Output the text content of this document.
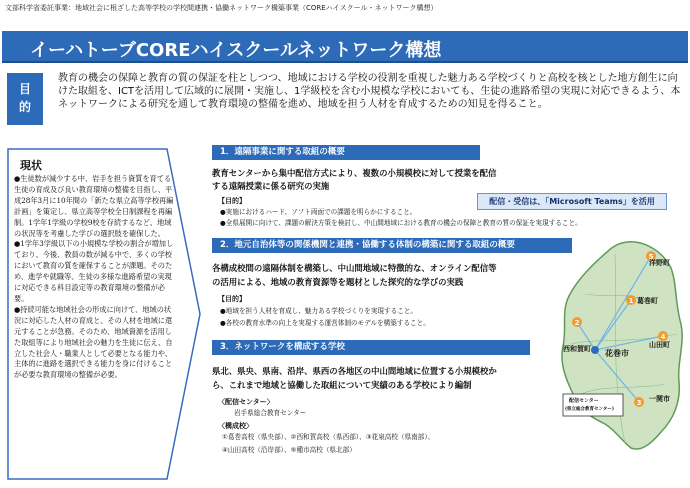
文部科学省委託事業：地域社会に根ざした高等学校の学校間連携・協働ネットワーク構築事業（COREハイスクール・ネットワーク構想）
イーハトーブCOREハイスクールネットワーク構想
目
的
教育の機会の保障と教育の質の保証を柱としつつ、地域における学校の役割を重視した魅力ある学校づくりと高校を核とした地方創生に向けた取組を、ICTを活用して広域的に展開・実施し、1学級校を含む小規模な学校においても、生徒の進路希望の実現に対応できるよう、本ネットワークによる研究を通して教育環境の整備を進め、地域を担う人材を育成するための知見を得ること。
現状

●生徒数が減少する中、岩手を担う資質を育てる生徒の育成及び良い教育環境の整備を目指し、平成28年3月に10年間の「新たな県立高等学校再編計画」を策定し、県立高等学校全日制課程を再編制。1学年1学級の学校9校を存続するなど、地域の状況等を考慮した学びの選択肢を確保した。

●1学年3学級以下の小規模な学校の割合が増加しており、今後、教員の数が減る中で、多くの学校において教育の質を確保することが課題。そのため、進学や就職等、生徒の多様な進路希望の実現に対応できる科目設定等の教育環境の整備が必要。

●持続可能な地域社会の形成に向けて、地域の状況に対応した人材の育成と、その人材を地域に還元することが急務。そのため、地域資源を活用した取組等により地域社会の魅力を生徒に伝え、自立した社会人・職業人として必要となる能力や、主体的に進路を選択できる能力を身に付けることが必要な教育環境の整備が必要。

1．遠隔事業に関する取組の概要
教育センターから集中配信方式により、複数の小規模校に対して授業を配信
する遠隔授業に係る研究の実施
【目的】
●実施におけるハード、ソフト両面での課題を明らかにすること。
●全県展開に向けて、課題の解決方策を検討し、中山間地域における教育の機会の保障と教育の質の保証を実現すること。
配信・受信は、「Microsoft Teams」を活用
2．地元自治体等の関係機関と連携・協働する体制の構築に関する取組の概要
各構成校間の遠隔体制を構築し、中山間地域に特徴的な、オンライン配信等
の活用による、地域の教育資源等を題材とした探究的な学びの実践
【目的】
●地域を担う人材を育成し、魅力ある学校づくりを実現すること。
●各校の教育水準の向上を実現する運営体制のモデルを構築すること。
3．ネットワークを構成する学校
県北、県央、県南、沿岸、県西の各地区の中山間地域に位置する小規模校か
ら、これまで地域と協働した取組について実績のある学校により編制
〈配信センター〉
岩手県総合教育センター
〈構成校〉
①葛巻高校（県央部）、②西和賀高校（県西部）、③花泉高校（県南部）、
④山田高校（沿岸部）、⑤種市高校（県北部）
1
2
3
4
5
洋野町
葛巻町
西和賀町 花巻市
山田町
一関市
配信センター
(県立総合教育センター)
